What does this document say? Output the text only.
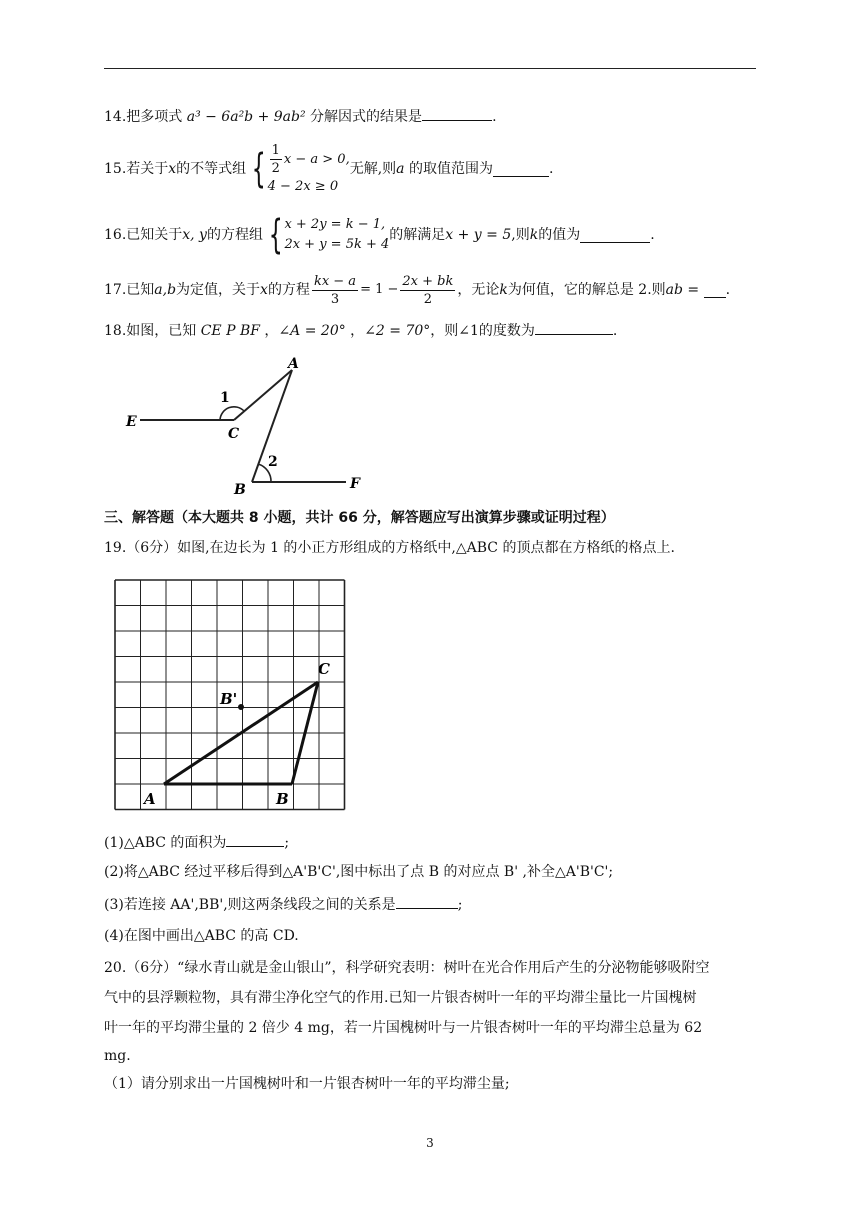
14.把多项式 a³ − 6a²b + 9ab² 分解因式的结果是	.
15.若关于 x 的不等式组 { $\frac{1}{2}$ x − a > 0,
4 − 2x ≥ 0
无解,则 a
的取值范围为	.
16.已知关于 x, y 的方程组 { x + 2y = k − 1,
2x + y = 5k + 4
的解满足 x + y = 5 ,则 k 的值为	.
17.已知 a,b 为定值，关于 x 的方程 $\frac{kx - a}{3} = 1 - \frac{2x + bk}{2}$ ，无论 k 为何值，它的解总是 2.则 ab =
.
18.如图，已知 CE P BF ，∠A = 20° ，∠2 = 70°，则∠1的度数为	.
A
C
E
B	F
1
2
三、解答题（本大题共 8 小题，共计 66 分，解答题应写出演算步骤或证明过程）
19.（6分）如图,在边长为 1 的小正方形组成的方格纸中,△ABC 的顶点都在方格纸的格点上.
A	B
C
B'
(1)△ABC 的面积为	;
(2)将△ABC 经过平移后得到△A'B'C',图中标出了点 B 的对应点 B' ,补全△A'B'C';
(3)若连接 AA',BB',则这两条线段之间的关系是	;
(4)在图中画出△ABC 的高 CD.
20.（6分）“绿水青山就是金山银山”，科学研究表明：树叶在光合作用后产生的分泌物能够吸附空
气中的县浮颗粒物，具有滞尘净化空气的作用.已知一片银杏树叶一年的平均滞尘量比一片国槐树
叶一年的平均滞尘量的 2 倍少 4 mg，若一片国槐树叶与一片银杏树叶一年的平均滞尘总量为 62
mg.
（1）请分别求出一片国槐树叶和一片银杏树叶一年的平均滞尘量;
3
